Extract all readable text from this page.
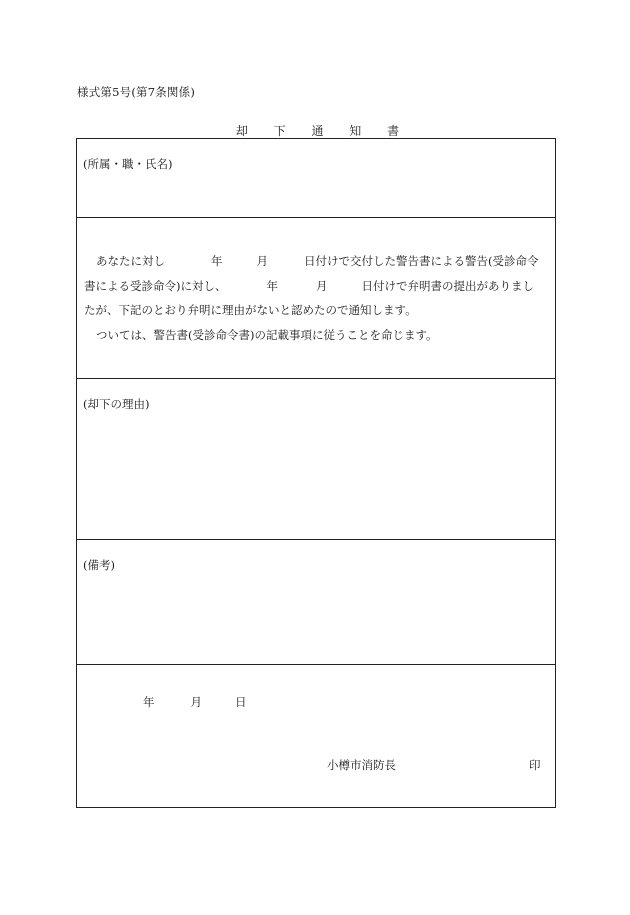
様式第5号(第7条関係)
却 下 通 知 書
(所属・職・氏名)
あなたに対し	年	月	日付けで交付した警告書による警告(受診命令
書による受診命令)に対し、	年	月	日付けで弁明書の提出がありまし
たが、下記のとおり弁明に理由がないと認めたので通知します。
ついては、警告書(受診命令書)の記載事項に従うことを命じます。
(却下の理由)
(備考)
年	月	日
小樽市消防長	印
